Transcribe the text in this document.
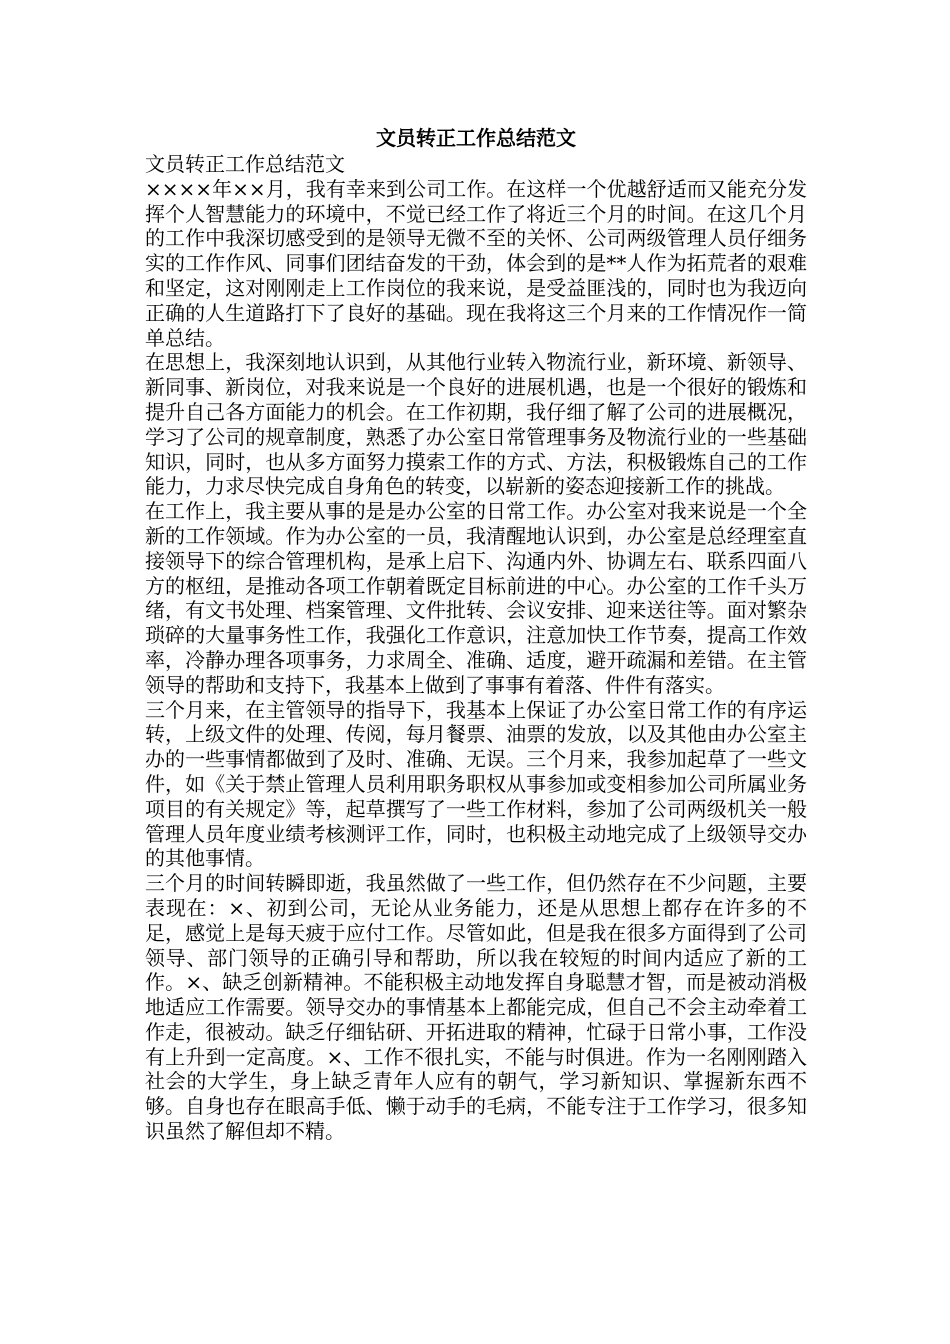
文员转正工作总结范文

文员转正工作总结范文

××××年××月，我有幸来到公司工作。在这样一个优越舒适而又能充分发挥个人智慧能力的环境中，不觉已经工作了将近三个月的时间。在这几个月的工作中我深切感受到的是领导无微不至的关怀、公司两级管理人员仔细务实的工作作风、同事们团结奋发的干劲，体会到的是**人作为拓荒者的艰难和坚定，这对刚刚走上工作岗位的我来说，是受益匪浅的，同时也为我迈向正确的人生道路打下了良好的基础。现在我将这三个月来的工作情况作一简单总结。

在思想上，我深刻地认识到，从其他行业转入物流行业，新环境、新领导、新同事、新岗位，对我来说是一个良好的进展机遇，也是一个很好的锻炼和提升自己各方面能力的机会。在工作初期，我仔细了解了公司的进展概况，学习了公司的规章制度，熟悉了办公室日常管理事务及物流行业的一些基础知识，同时，也从多方面努力摸索工作的方式、方法，积极锻炼自己的工作能力，力求尽快完成自身角色的转变，以崭新的姿态迎接新工作的挑战。

在工作上，我主要从事的是是办公室的日常工作。办公室对我来说是一个全新的工作领域。作为办公室的一员，我清醒地认识到，办公室是总经理室直接领导下的综合管理机构，是承上启下、沟通内外、协调左右、联系四面八方的枢纽，是推动各项工作朝着既定目标前进的中心。办公室的工作千头万绪，有文书处理、档案管理、文件批转、会议安排、迎来送往等。面对繁杂琐碎的大量事务性工作，我强化工作意识，注意加快工作节奏，提高工作效率，冷静办理各项事务，力求周全、准确、适度，避开疏漏和差错。在主管领导的帮助和支持下，我基本上做到了事事有着落、件件有落实。

三个月来，在主管领导的指导下，我基本上保证了办公室日常工作的有序运转，上级文件的处理、传阅，每月餐票、油票的发放，以及其他由办公室主办的一些事情都做到了及时、准确、无误。三个月来，我参加起草了一些文件，如《关于禁止管理人员利用职务职权从事参加或变相参加公司所属业务项目的有关规定》等，起草撰写了一些工作材料，参加了公司两级机关一般管理人员年度业绩考核测评工作，同时，也积极主动地完成了上级领导交办的其他事情。

三个月的时间转瞬即逝，我虽然做了一些工作，但仍然存在不少问题，主要表现在：×、初到公司，无论从业务能力，还是从思想上都存在许多的不足，感觉上是每天疲于应付工作。尽管如此，但是我在很多方面得到了公司领导、部门领导的正确引导和帮助，所以我在较短的时间内适应了新的工作。×、缺乏创新精神。不能积极主动地发挥自身聪慧才智，而是被动消极地适应工作需要。领导交办的事情基本上都能完成，但自己不会主动牵着工作走，很被动。缺乏仔细钻研、开拓进取的精神，忙碌于日常小事，工作没有上升到一定高度。×、工作不很扎实，不能与时俱进。作为一名刚刚踏入社会的大学生，身上缺乏青年人应有的朝气，学习新知识、掌握新东西不够。自身也存在眼高手低、懒于动手的毛病，不能专注于工作学习，很多知识虽然了解但却不精。
